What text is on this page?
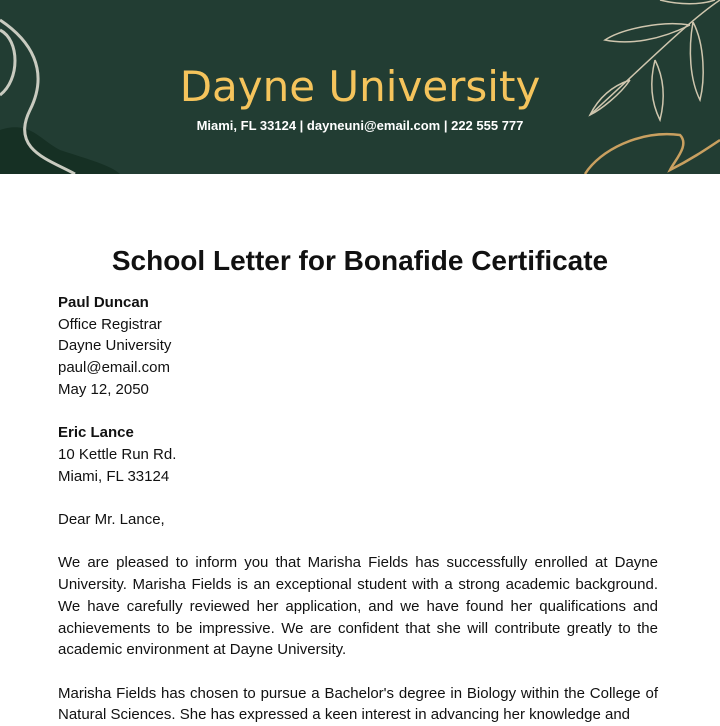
Dayne University
Miami, FL 33124 | dayneuni@email.com | 222 555 777
School Letter for Bonafide Certificate
Paul Duncan
Office Registrar
Dayne University
paul@email.com
May 12, 2050
Eric Lance
10 Kettle Run Rd.
Miami, FL 33124
Dear Mr. Lance,

We are pleased to inform you that Marisha Fields has successfully enrolled at Dayne University. Marisha Fields is an exceptional student with a strong academic background. We have carefully reviewed her application, and we have found her qualifications and achievements to be impressive. We are confident that she will contribute greatly to the academic environment at Dayne University.

Marisha Fields has chosen to pursue a Bachelor's degree in Biology within the College of Natural Sciences. She has expressed a keen interest in advancing her knowledge and
